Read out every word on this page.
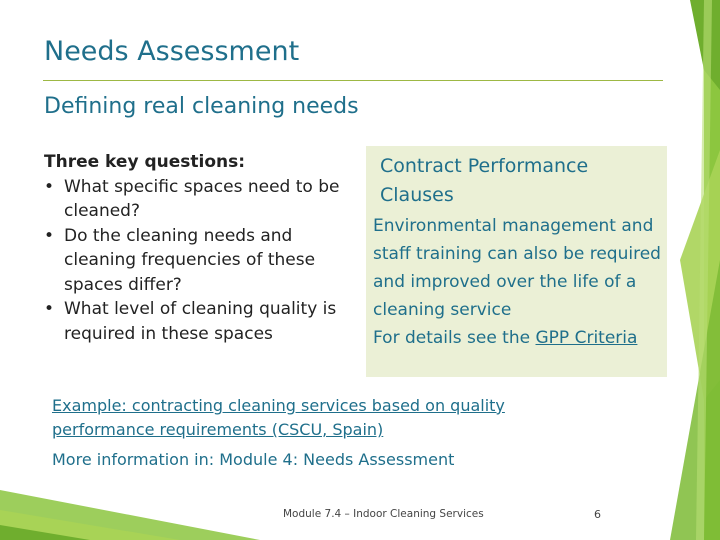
Needs Assessment
Defining real cleaning needs
Three key questions:
• What specific spaces need to be cleaned?
• Do the cleaning needs and cleaning frequencies of these spaces differ?
• What level of cleaning quality is required in these spaces
Contract Performance Clauses

Environmental management and staff training can also be required and improved over the life of a cleaning service

For details see the GPP Criteria

Example: contracting cleaning services based on quality performance requirements (CSCU, Spain)

More information in: Module 4: Needs Assessment

Module 7.4 – Indoor Cleaning Services	6
